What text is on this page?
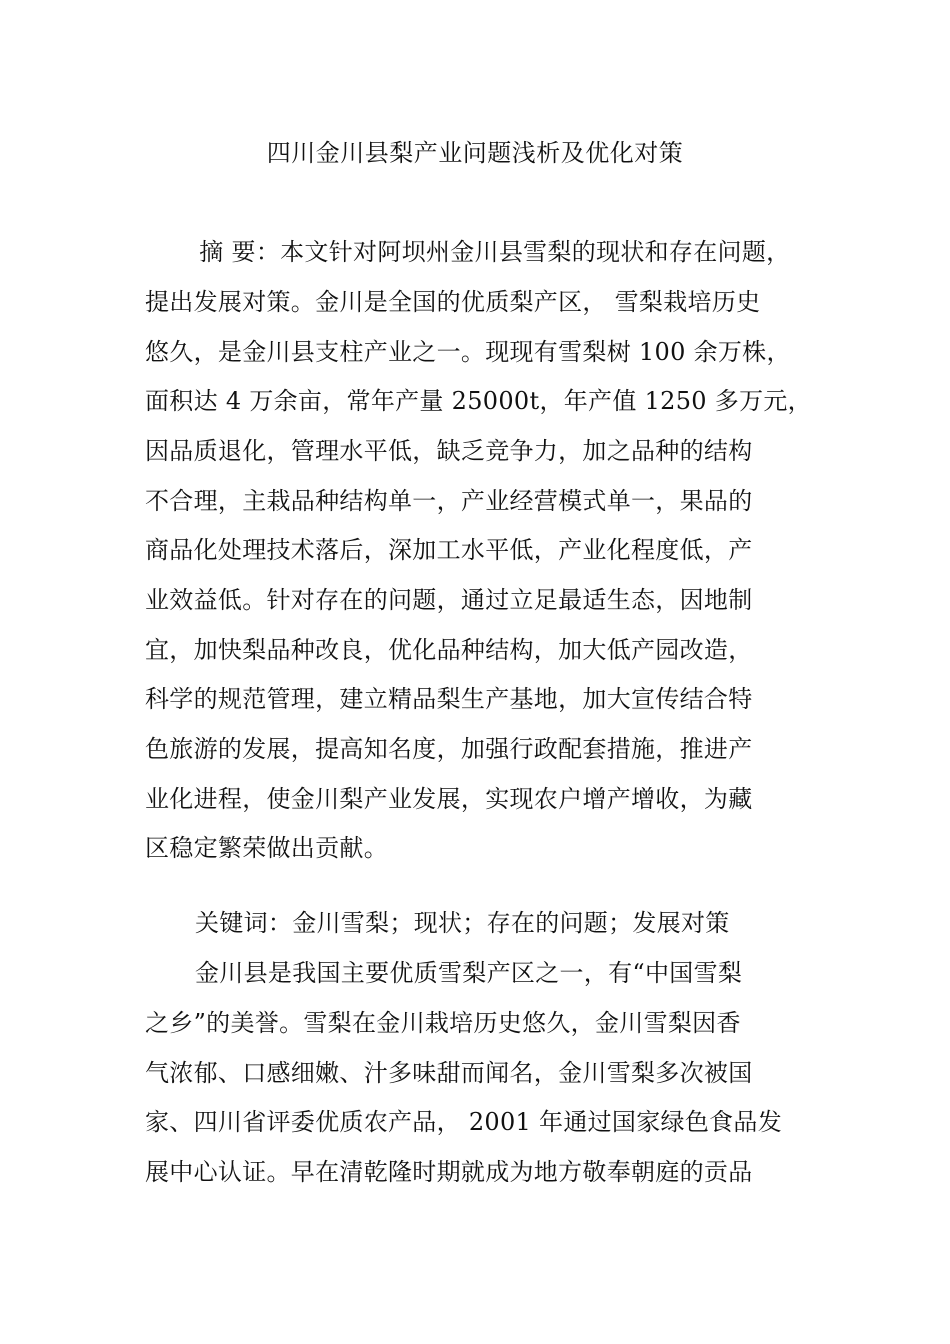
四川金川县梨产业问题浅析及优化对策
　摘 要：本文针对阿坝州金川县雪梨的现状和存在问题，
提出发展对策。金川是全国的优质梨产区， 雪梨栽培历史
悠久，是金川县支柱产业之一。现现有雪梨树 100 余万株，
面积达 4 万余亩，常年产量 25000t，年产值 1250 多万元，
因品质退化，管理水平低，缺乏竞争力，加之品种的结构
不合理，主栽品种结构单一，产业经营模式单一，果品的
商品化处理技术落后，深加工水平低，产业化程度低，产
业效益低。针对存在的问题，通过立足最适生态，因地制
宜，加快梨品种改良，优化品种结构，加大低产园改造，
科学的规范管理，建立精品梨生产基地，加大宣传结合特
色旅游的发展，提高知名度，加强行政配套措施，推进产
业化进程，使金川梨产业发展，实现农户增产增收，为藏
区稳定繁荣做出贡献。
关键词：金川雪梨；现状；存在的问题；发展对策
金川县是我国主要优质雪梨产区之一，有“中国雪梨
之乡”的美誉。雪梨在金川栽培历史悠久，金川雪梨因香
气浓郁、口感细嫩、汁多味甜而闻名，金川雪梨多次被国
家、四川省评委优质农产品， 2001 年通过国家绿色食品发
展中心认证。早在清乾隆时期就成为地方敬奉朝庭的贡品
